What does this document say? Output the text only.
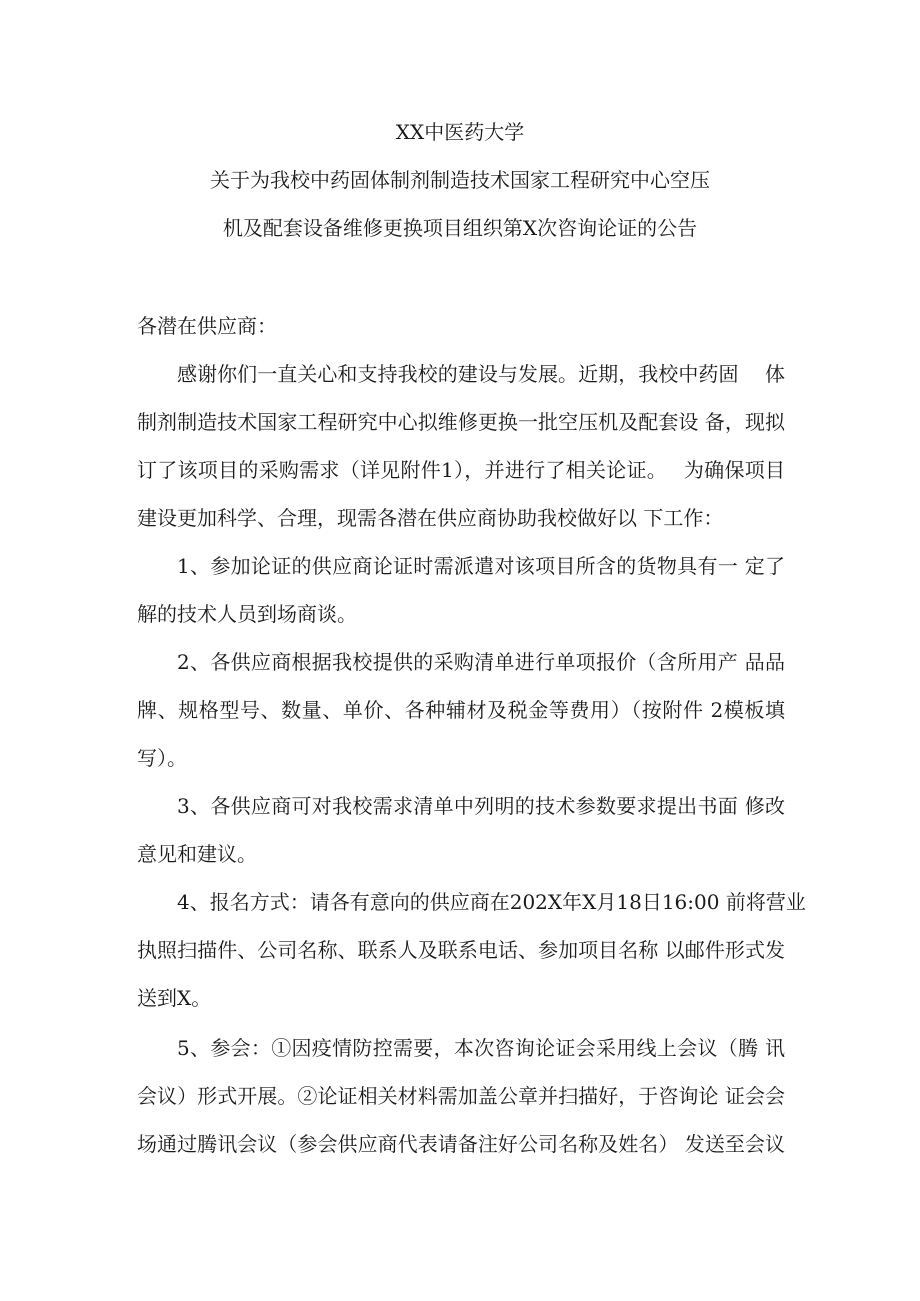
XX中医药大学
关于为我校中药固体制剂制造技术国家工程研究中心空压
机及配套设备维修更换项目组织第X次咨询论证的公告
各潜在供应商：
感谢你们一直关心和支持我校的建设与发展。近期，我校中药固　 体
制剂制造技术国家工程研究中心拟维修更换一批空压机及配套设 备，现拟
订了该项目的采购需求（详见附件1），并进行了相关论证。　 为确保项目
建设更加科学、合理，现需各潜在供应商协助我校做好以 下工作：
1、参加论证的供应商论证时需派遣对该项目所含的货物具有一 定了
解的技术人员到场商谈。
2、各供应商根据我校提供的采购清单进行单项报价（含所用产 品品
牌、规格型号、数量、单价、各种辅材及税金等费用）（按附件 2模板填
写）。
3、各供应商可对我校需求清单中列明的技术参数要求提出书面 修改
意见和建议。
4、报名方式：请各有意向的供应商在202X年X月18日16:00 前将营业
执照扫描件、公司名称、联系人及联系电话、参加项目名称 以邮件形式发
送到X。
5、参会：①因疫情防控需要，本次咨询论证会采用线上会议（腾 讯
会议）形式开展。②论证相关材料需加盖公章并扫描好，于咨询论 证会会
场通过腾讯会议（参会供应商代表请备注好公司名称及姓名） 发送至会议
